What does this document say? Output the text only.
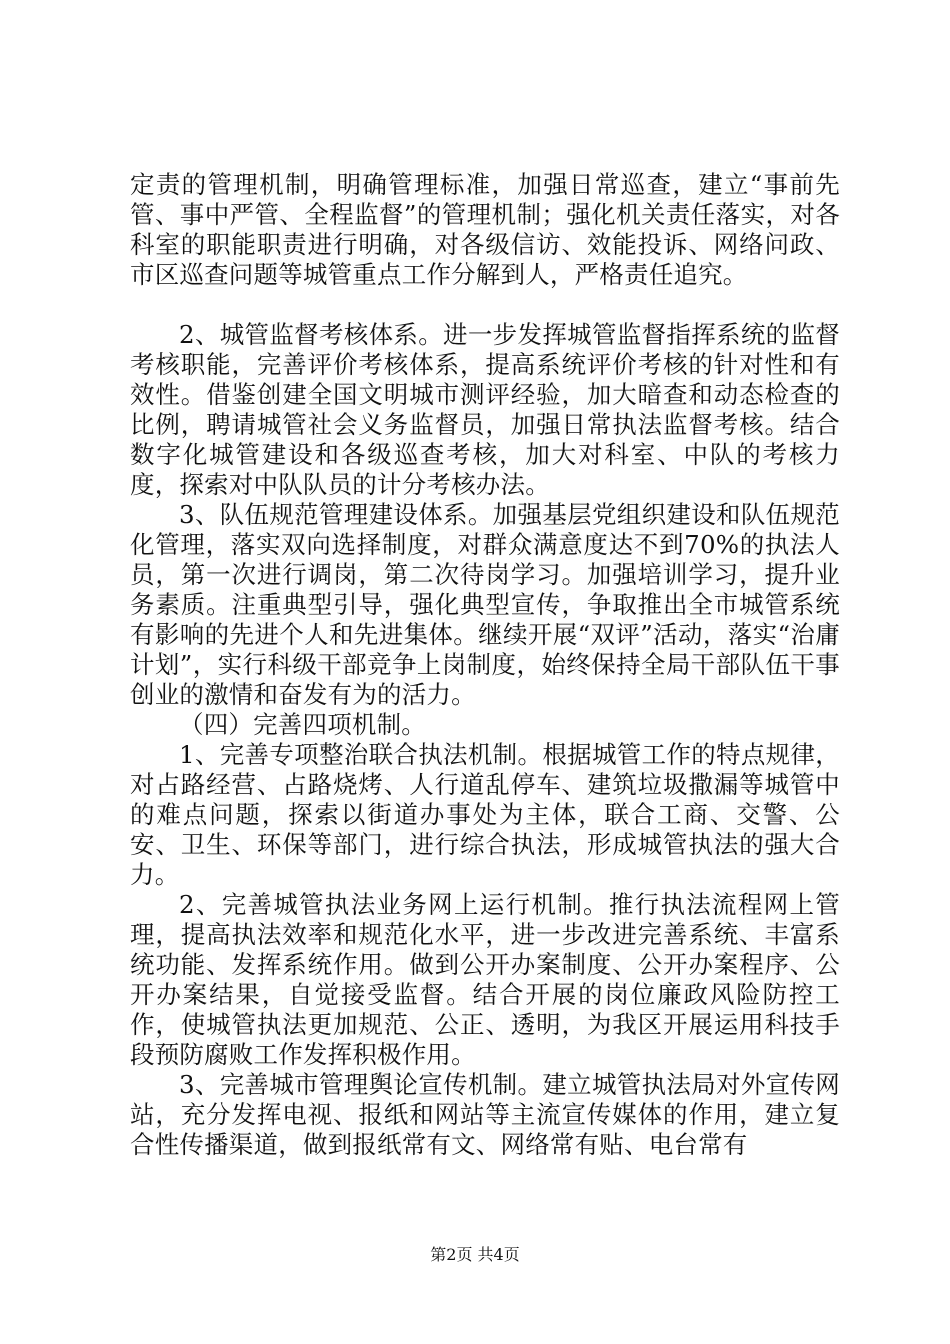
定责的管理机制，明确管理标准，加强日常巡查，建立“事前先管、事中严管、全程监督”的管理机制；强化机关责任落实，对各科室的职能职责进行明确，对各级信访、效能投诉、网络问政、市区巡查问题等城管重点工作分解到人，严格责任追究。

2、城管监督考核体系。进一步发挥城管监督指挥系统的监督考核职能，完善评价考核体系，提高系统评价考核的针对性和有效性。借鉴创建全国文明城市测评经验，加大暗查和动态检查的比例，聘请城管社会义务监督员，加强日常执法监督考核。结合数字化城管建设和各级巡查考核，加大对科室、中队的考核力度，探索对中队队员的计分考核办法。

3、队伍规范管理建设体系。加强基层党组织建设和队伍规范化管理，落实双向选择制度，对群众满意度达不到70%的执法人员，第一次进行调岗，第二次待岗学习。加强培训学习，提升业务素质。注重典型引导，强化典型宣传，争取推出全市城管系统有影响的先进个人和先进集体。继续开展“双评”活动，落实“治庸计划”，实行科级干部竞争上岗制度，始终保持全局干部队伍干事创业的激情和奋发有为的活力。

（四）完善四项机制。

1、完善专项整治联合执法机制。根据城管工作的特点规律，对占路经营、占路烧烤、人行道乱停车、建筑垃圾撒漏等城管中的难点问题，探索以街道办事处为主体，联合工商、交警、公安、卫生、环保等部门，进行综合执法，形成城管执法的强大合力。

2、完善城管执法业务网上运行机制。推行执法流程网上管理，提高执法效率和规范化水平，进一步改进完善系统、丰富系统功能、发挥系统作用。做到公开办案制度、公开办案程序、公开办案结果，自觉接受监督。结合开展的岗位廉政风险防控工作，使城管执法更加规范、公正、透明，为我区开展运用科技手段预防腐败工作发挥积极作用。

3、完善城市管理舆论宣传机制。建立城管执法局对外宣传网站，充分发挥电视、报纸和网站等主流宣传媒体的作用，建立复合性传播渠道，做到报纸常有文、网络常有贴、电台常有

第2页 共4页
